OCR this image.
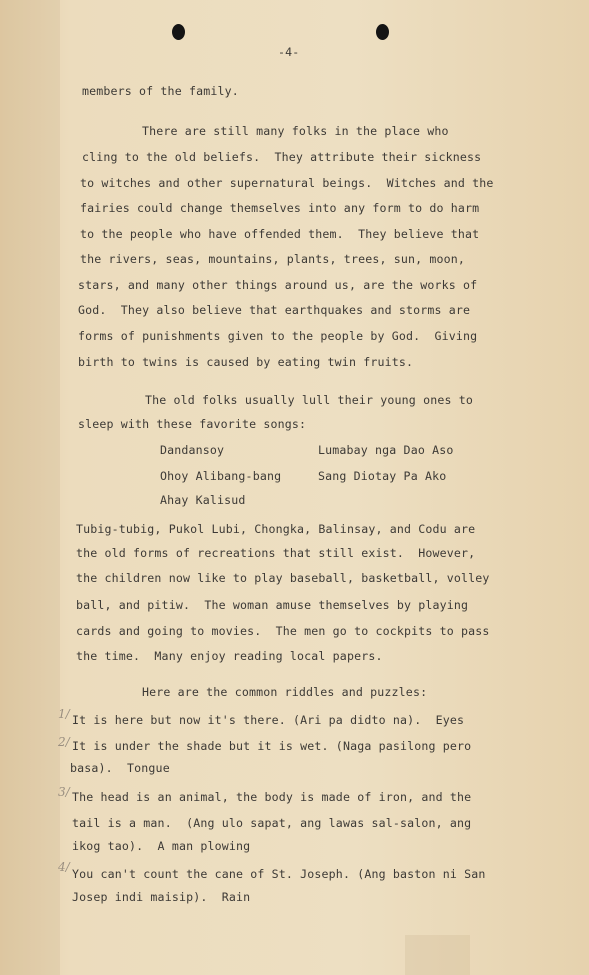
-4-
members of the family.
There are still many folks in the place who
cling to the old beliefs.  They attribute their sickness
to witches and other supernatural beings.  Witches and the
fairies could change themselves into any form to do harm
to the people who have offended them.  They believe that
the rivers, seas, mountains, plants, trees, sun, moon,
stars, and many other things around us, are the works of
God.  They also believe that earthquakes and storms are
forms of punishments given to the people by God.  Giving
birth to twins is caused by eating twin fruits.
The old folks usually lull their young ones to
sleep with these favorite songs:
Dandansoy	Lumabay nga Dao Aso
Ohoy Alibang-bang	Sang Diotay Pa Ako
Ahay Kalisud
Tubig-tubig, Pukol Lubi, Chongka, Balinsay, and Codu are
the old forms of recreations that still exist.  However,
the children now like to play baseball, basketball, volley
ball, and pitiw.  The woman amuse themselves by playing
cards and going to movies.  The men go to cockpits to pass
the time.  Many enjoy reading local papers.
Here are the common riddles and puzzles:
1/ It is here but now it's there. (Ari pa didto na).  Eyes
2/ It is under the shade but it is wet. (Naga pasilong pero
basa).  Tongue
3/ The head is an animal, the body is made of iron, and the
tail is a man.  (Ang ulo sapat, ang lawas sal-salon, ang
ikog tao).  A man plowing
4/ You can't count the cane of St. Joseph. (Ang baston ni San
Josep indi maisip).  Rain
